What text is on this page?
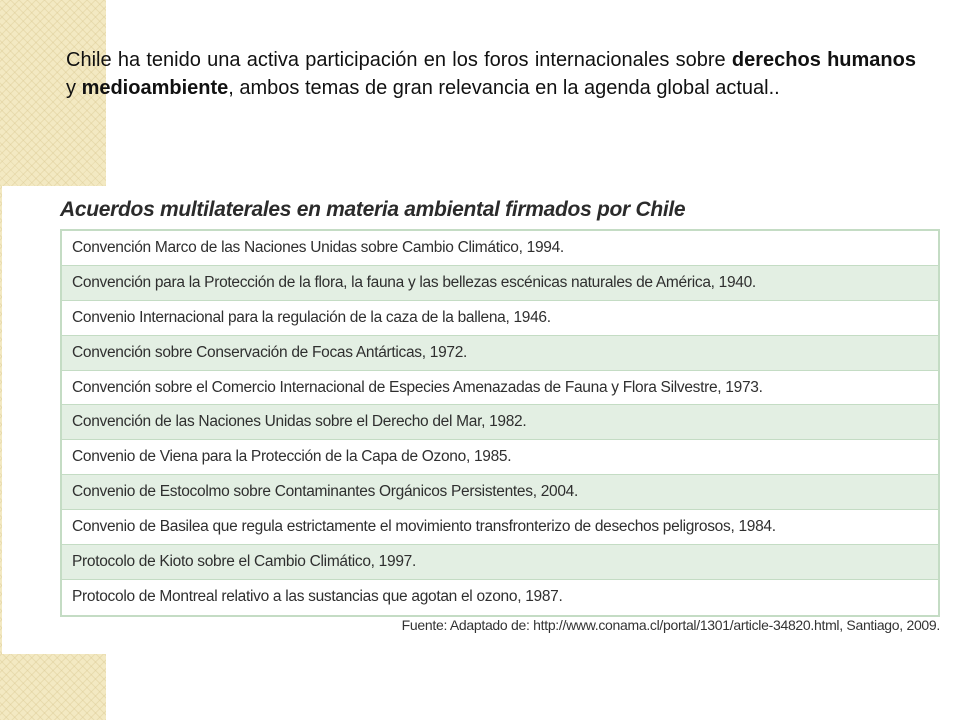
Chile ha tenido una activa participación en los foros internacionales sobre derechos humanos y medioambiente, ambos temas de gran relevancia en la agenda global actual..

Acuerdos multilaterales en materia ambiental firmados por Chile
Convención Marco de las Naciones Unidas sobre Cambio Climático, 1994.
Convención para la Protección de la flora, la fauna y las bellezas escénicas naturales de América, 1940.
Convenio Internacional para la regulación de la caza de la ballena, 1946.
Convención sobre Conservación de Focas Antárticas, 1972.
Convención sobre el Comercio Internacional de Especies Amenazadas de Fauna y Flora Silvestre, 1973.
Convención de las Naciones Unidas sobre el Derecho del Mar, 1982.
Convenio de Viena para la Protección de la Capa de Ozono, 1985.
Convenio de Estocolmo sobre Contaminantes Orgánicos Persistentes, 2004.
Convenio de Basilea que regula estrictamente el movimiento transfronterizo de desechos peligrosos, 1984.
Protocolo de Kioto sobre el Cambio Climático, 1997.
Protocolo de Montreal relativo a las sustancias que agotan el ozono, 1987.

Fuente: Adaptado de: http://www.conama.cl/portal/1301/article-34820.html, Santiago, 2009.
